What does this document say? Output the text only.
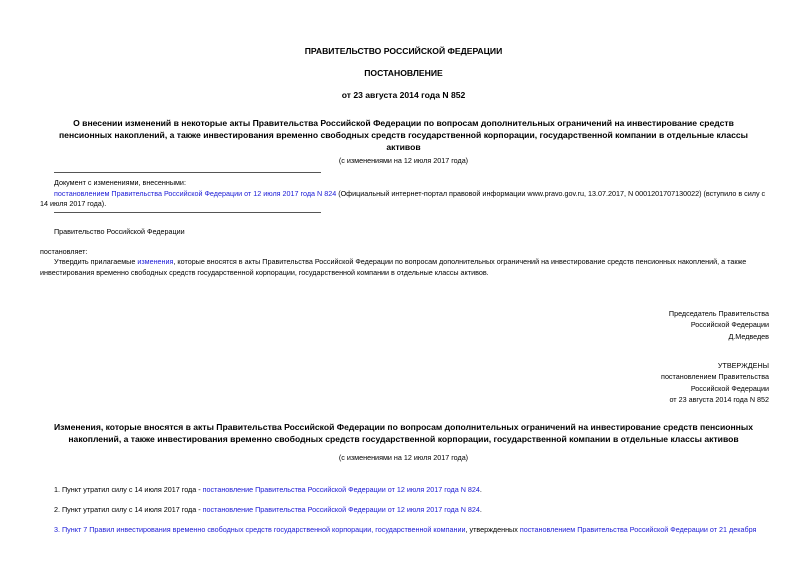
ПРАВИТЕЛЬСТВО РОССИЙСКОЙ ФЕДЕРАЦИИ
ПОСТАНОВЛЕНИЕ
от 23 августа 2014 года N 852
О внесении изменений в некоторые акты Правительства Российской Федерации по вопросам дополнительных ограничений на инвестирование средств
пенсионных накоплений, а также инвестирования временно свободных средств государственной корпорации, государственной компании в отдельные классы
активов
(с изменениями на 12 июля 2017 года)
Документ с изменениями, внесенными:
постановлением Правительства Российской Федерации от 12 июля 2017 года N 824 (Официальный интернет-портал правовой информации www.pravo.gov.ru, 13.07.2017, N 0001201707130022) (вступило в силу с
14 июля 2017 года).
Правительство Российской Федерации
постановляет:
Утвердить прилагаемые изменения, которые вносятся в акты Правительства Российской Федерации по вопросам дополнительных ограничений на инвестирование средств пенсионных накоплений, а также
инвестирования временно свободных средств государственной корпорации, государственной компании в отдельные классы активов.
Председатель Правительства
Российской Федерации
Д.Медведев
УТВЕРЖДЕНЫ
постановлением Правительства
Российской Федерации
от 23 августа 2014 года N 852
Изменения, которые вносятся в акты Правительства Российской Федерации по вопросам дополнительных ограничений на инвестирование средств пенсионных
накоплений, а также инвестирования временно свободных средств государственной корпорации, государственной компании в отдельные классы активов
(с изменениями на 12 июля 2017 года)
1. Пункт утратил силу с 14 июля 2017 года - постановление Правительства Российской Федерации от 12 июля 2017 года N 824.
2. Пункт утратил силу с 14 июля 2017 года - постановление Правительства Российской Федерации от 12 июля 2017 года N 824.
3. Пункт 7 Правил инвестирования временно свободных средств государственной корпорации, государственной компании, утвержденных постановлением Правительства Российской Федерации от 21 декабря
